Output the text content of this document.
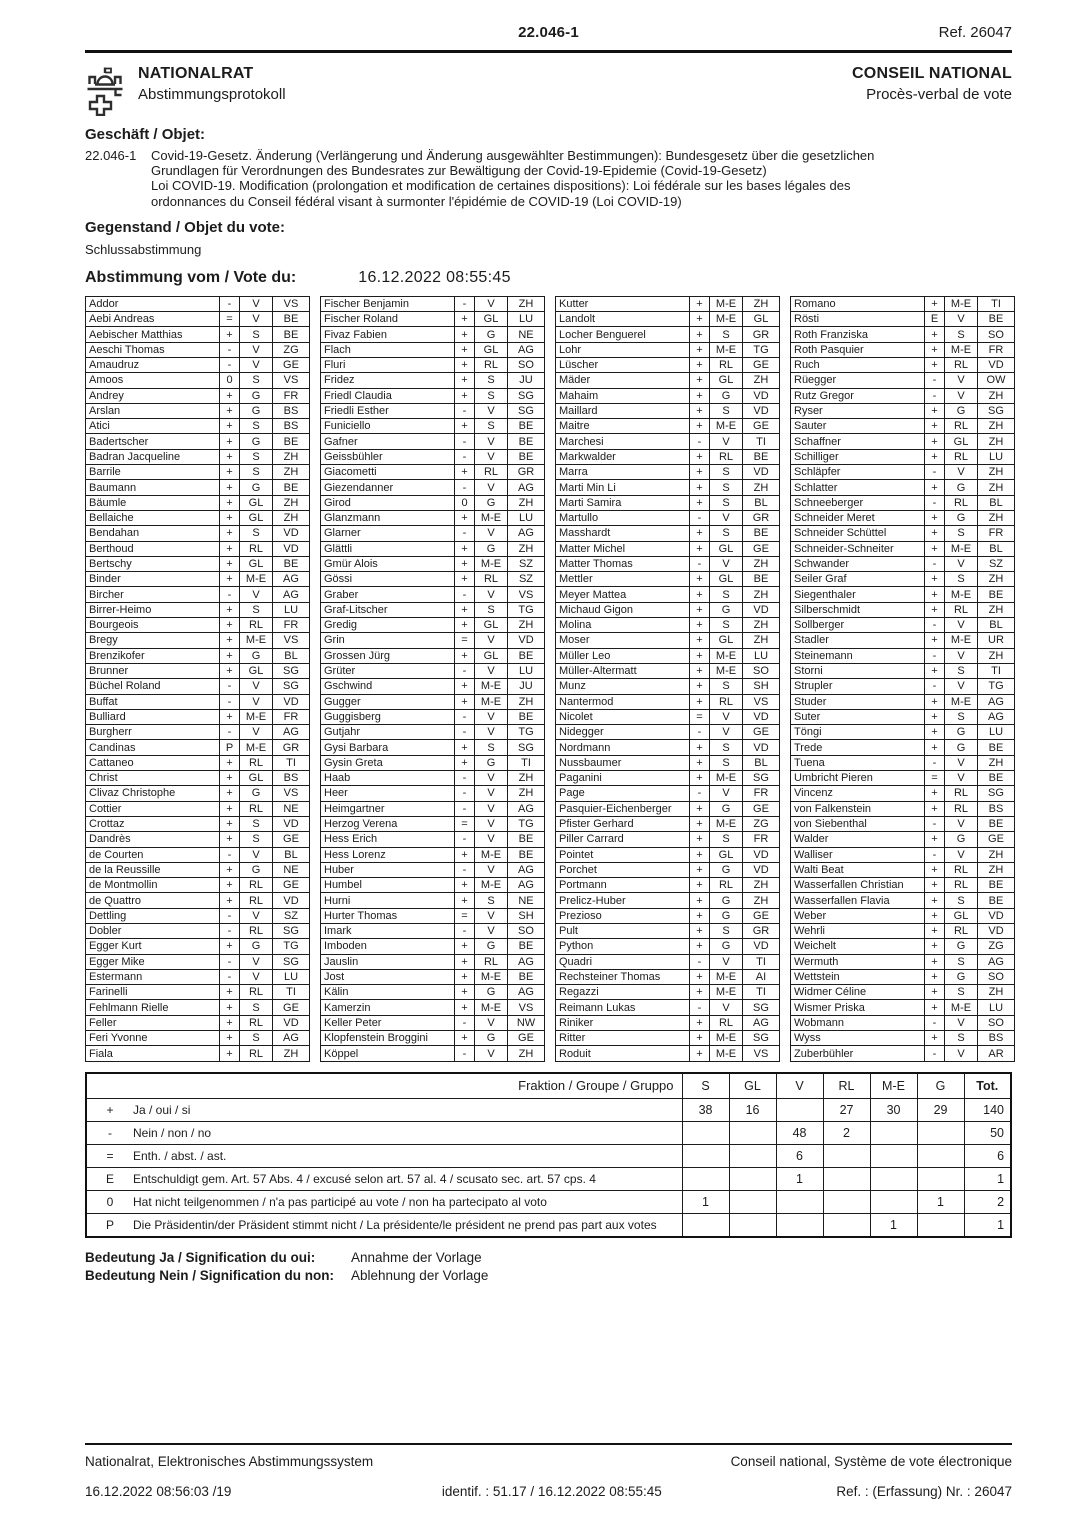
22.046-1	Ref. 26047
NATIONALRAT
Abstimmungsprotokoll
CONSEIL NATIONAL
Procès-verbal de vote
Geschäft / Objet:
22.046-1	Covid-19-Gesetz. Änderung (Verlängerung und Änderung ausgewählter Bestimmungen): Bundesgesetz über die gesetzlichen
Grundlagen für Verordnungen des Bundesrates zur Bewältigung der Covid-19-Epidemie (Covid-19-Gesetz)
Loi COVID-19. Modification (prolongation et modification de certaines dispositions): Loi fédérale sur les bases légales des
ordonnances du Conseil fédéral visant à surmonter l'épidémie de COVID-19 (Loi COVID-19)
Gegenstand / Objet du vote:
Schlussabstimmung
Abstimmung vom / Vote du:	16.12.2022 08:55:45
Addor	-	V	VS
Aebi Andreas	=	V	BE
Aebischer Matthias	+	S	BE
Aeschi Thomas	-	V	ZG
Amaudruz	-	V	GE
Amoos	0	S	VS
Andrey	+	G	FR
Arslan	+	G	BS
Atici	+	S	BS
Badertscher	+	G	BE
Badran Jacqueline	+	S	ZH
Barrile	+	S	ZH
Baumann	+	G	BE
Bäumle	+	GL	ZH
Bellaiche	+	GL	ZH
Bendahan	+	S	VD
Berthoud	+	RL	VD
Bertschy	+	GL	BE
Binder	+	M-E	AG
Bircher	-	V	AG
Birrer-Heimo	+	S	LU
Bourgeois	+	RL	FR
Bregy	+	M-E	VS
Brenzikofer	+	G	BL
Brunner	+	GL	SG
Büchel Roland	-	V	SG
Buffat	-	V	VD
Bulliard	+	M-E	FR
Burgherr	-	V	AG
Candinas	P	M-E	GR
Cattaneo	+	RL	TI
Christ	+	GL	BS
Clivaz Christophe	+	G	VS
Cottier	+	RL	NE
Crottaz	+	S	VD
Dandrès	+	S	GE
de Courten	-	V	BL
de la Reussille	+	G	NE
de Montmollin	+	RL	GE
de Quattro	+	RL	VD
Dettling	-	V	SZ
Dobler	-	RL	SG
Egger Kurt	+	G	TG
Egger Mike	-	V	SG
Estermann	-	V	LU
Farinelli	+	RL	TI
Fehlmann Rielle	+	S	GE
Feller	+	RL	VD
Feri Yvonne	+	S	AG
Fiala	+	RL	ZH
Fischer Benjamin	-	V	ZH
Fischer Roland	+	GL	LU
Fivaz Fabien	+	G	NE
Flach	+	GL	AG
Fluri	+	RL	SO
Fridez	+	S	JU
Friedl Claudia	+	S	SG
Friedli Esther	-	V	SG
Funiciello	+	S	BE
Gafner	-	V	BE
Geissbühler	-	V	BE
Giacometti	+	RL	GR
Giezendanner	-	V	AG
Girod	0	G	ZH
Glanzmann	+	M-E	LU
Glarner	-	V	AG
Glättli	+	G	ZH
Gmür Alois	+	M-E	SZ
Gössi	+	RL	SZ
Graber	-	V	VS
Graf-Litscher	+	S	TG
Gredig	+	GL	ZH
Grin	=	V	VD
Grossen Jürg	+	GL	BE
Grüter	-	V	LU
Gschwind	+	M-E	JU
Gugger	+	M-E	ZH
Guggisberg	-	V	BE
Gutjahr	-	V	TG
Gysi Barbara	+	S	SG
Gysin Greta	+	G	TI
Haab	-	V	ZH
Heer	-	V	ZH
Heimgartner	-	V	AG
Herzog Verena	=	V	TG
Hess Erich	-	V	BE
Hess Lorenz	+	M-E	BE
Huber	-	V	AG
Humbel	+	M-E	AG
Hurni	+	S	NE
Hurter Thomas	=	V	SH
Imark	-	V	SO
Imboden	+	G	BE
Jauslin	+	RL	AG
Jost	+	M-E	BE
Kälin	+	G	AG
Kamerzin	+	M-E	VS
Keller Peter	-	V	NW
Klopfenstein Broggini	+	G	GE
Köppel	-	V	ZH
Kutter	+	M-E	ZH
Landolt	+	M-E	GL
Locher Benguerel	+	S	GR
Lohr	+	M-E	TG
Lüscher	+	RL	GE
Mäder	+	GL	ZH
Mahaim	+	G	VD
Maillard	+	S	VD
Maitre	+	M-E	GE
Marchesi	-	V	TI
Markwalder	+	RL	BE
Marra	+	S	VD
Marti Min Li	+	S	ZH
Marti Samira	+	S	BL
Martullo	-	V	GR
Masshardt	+	S	BE
Matter Michel	+	GL	GE
Matter Thomas	-	V	ZH
Mettler	+	GL	BE
Meyer Mattea	+	S	ZH
Michaud Gigon	+	G	VD
Molina	+	S	ZH
Moser	+	GL	ZH
Müller Leo	+	M-E	LU
Müller-Altermatt	+	M-E	SO
Munz	+	S	SH
Nantermod	+	RL	VS
Nicolet	=	V	VD
Nidegger	-	V	GE
Nordmann	+	S	VD
Nussbaumer	+	S	BL
Paganini	+	M-E	SG
Page	-	V	FR
Pasquier-Eichenberger	+	G	GE
Pfister Gerhard	+	M-E	ZG
Piller Carrard	+	S	FR
Pointet	+	GL	VD
Porchet	+	G	VD
Portmann	+	RL	ZH
Prelicz-Huber	+	G	ZH
Prezioso	+	G	GE
Pult	+	S	GR
Python	+	G	VD
Quadri	-	V	TI
Rechsteiner Thomas	+	M-E	AI
Regazzi	+	M-E	TI
Reimann Lukas	-	V	SG
Riniker	+	RL	AG
Ritter	+	M-E	SG
Roduit	+	M-E	VS
Romano	+	M-E	TI
Rösti	E	V	BE
Roth Franziska	+	S	SO
Roth Pasquier	+	M-E	FR
Ruch	+	RL	VD
Rüegger	-	V	OW
Rutz Gregor	-	V	ZH
Ryser	+	G	SG
Sauter	+	RL	ZH
Schaffner	+	GL	ZH
Schilliger	+	RL	LU
Schläpfer	-	V	ZH
Schlatter	+	G	ZH
Schneeberger	-	RL	BL
Schneider Meret	+	G	ZH
Schneider Schüttel	+	S	FR
Schneider-Schneiter	+	M-E	BL
Schwander	-	V	SZ
Seiler Graf	+	S	ZH
Siegenthaler	+	M-E	BE
Silberschmidt	+	RL	ZH
Sollberger	-	V	BL
Stadler	+	M-E	UR
Steinemann	-	V	ZH
Storni	+	S	TI
Strupler	-	V	TG
Studer	+	M-E	AG
Suter	+	S	AG
Töngi	+	G	LU
Trede	+	G	BE
Tuena	-	V	ZH
Umbricht Pieren	=	V	BE
Vincenz	+	RL	SG
von Falkenstein	+	RL	BS
von Siebenthal	-	V	BE
Walder	+	G	GE
Walliser	-	V	ZH
Walti Beat	+	RL	ZH
Wasserfallen Christian	+	RL	BE
Wasserfallen Flavia	+	S	BE
Weber	+	GL	VD
Wehrli	+	RL	VD
Weichelt	+	G	ZG
Wermuth	+	S	AG
Wettstein	+	G	SO
Widmer Céline	+	S	ZH
Wismer Priska	+	M-E	LU
Wobmann	-	V	SO
Wyss	+	S	BS
Zuberbühler	-	V	AR
Fraktion / Groupe / Gruppo	S	GL	V	RL	M-E	G	Tot.
+ Ja / oui / si	38	16		27	30	29	140
- Nein / non / no			48	2			50
= Enth. / abst. / ast.			6				6
E Entschuldigt gem. Art. 57 Abs. 4 / excusé selon art. 57 al. 4 / scusato sec. art. 57 cps. 4			1				1
0 Hat nicht teilgenommen / n'a pas participé au vote / non ha partecipato al voto	1					1	2
P Die Präsidentin/der Präsident stimmt nicht / La présidente/le président ne prend pas part aux votes					1		1
Bedeutung Ja / Signification du oui:	Annahme der Vorlage
Bedeutung Nein / Signification du non:	Ablehnung der Vorlage
Nationalrat, Elektronisches Abstimmungssystem
16.12.2022 08:56:03 /19	identif. : 51.17 / 16.12.2022 08:55:45
Conseil national, Système de vote électronique
Ref. : (Erfassung) Nr. : 26047
